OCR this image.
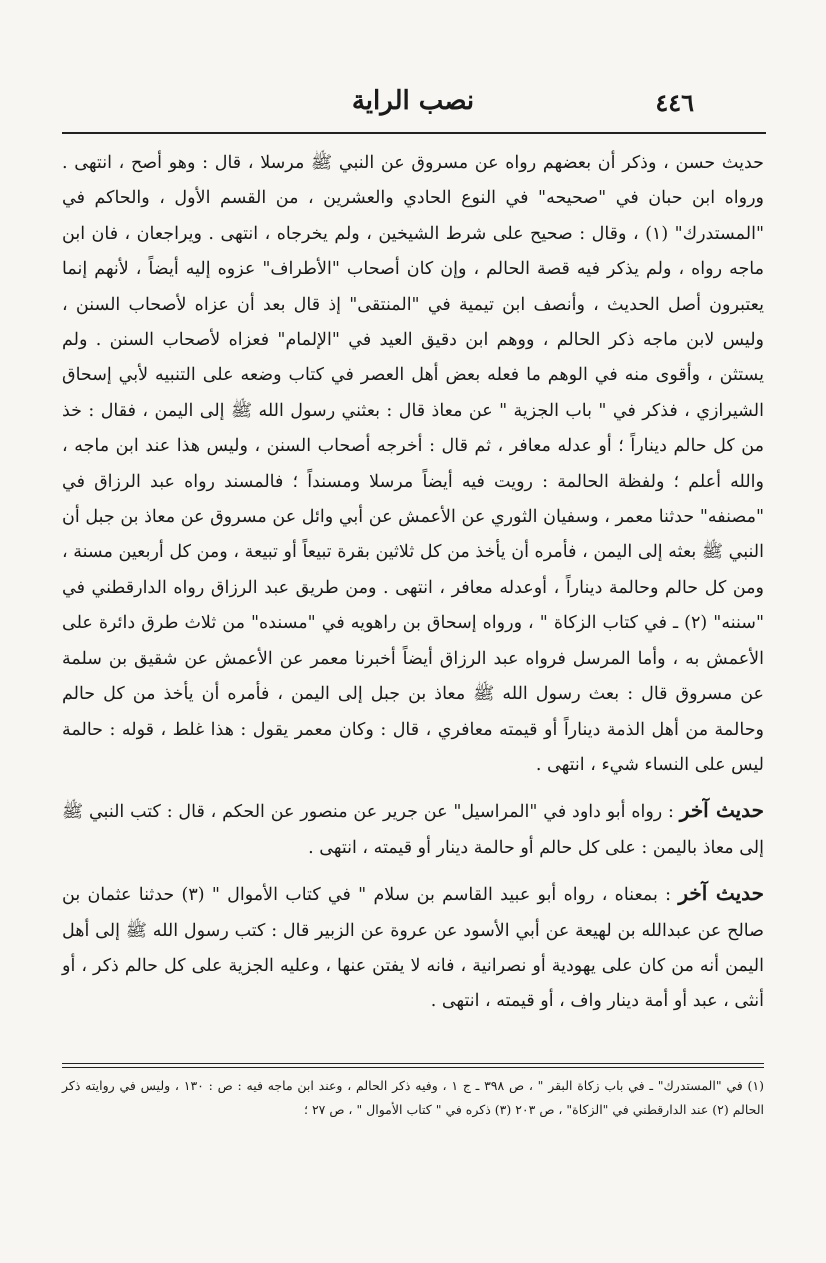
٤٤٦
نصب الراية

حديث حسن ، وذكر أن بعضهم رواه عن مسروق عن النبي ﷺ مرسلا ، قال : وهو أصح ، انتهى . ورواه ابن حبان في "صحيحه" في النوع الحادي والعشرين ، من القسم الأول ، والحاكم في "المستدرك" (١) ، وقال : صحيح على شرط الشيخين ، ولم يخرجاه ، انتهى . ويراجعان ، فان ابن ماجه رواه ، ولم يذكر فيه قصة الحالم ، وإن كان أصحاب "الأطراف" عزوه إليه أيضاً ، لأنهم إنما يعتبرون أصل الحديث ، وأنصف ابن تيمية في "المنتقى" إذ قال بعد أن عزاه لأصحاب السنن ، وليس لابن ماجه ذكر الحالم ، ووهم ابن دقيق العيد في "الإلمام" فعزاه لأصحاب السنن . ولم يستثن ، وأقوى منه في الوهم ما فعله بعض أهل العصر في كتاب وضعه على التنبيه لأبي إسحاق الشيرازي ، فذكر في " باب الجزية " عن معاذ قال : بعثني رسول الله ﷺ إلى اليمن ، فقال : خذ من كل حالم ديناراً ؛ أو عدله معافر ، ثم قال : أخرجه أصحاب السنن ، وليس هذا عند ابن ماجه ، والله أعلم ؛ ولفظة الحالمة : رويت فيه أيضاً مرسلا ومسنداً ؛ فالمسند رواه عبد الرزاق في "مصنفه" حدثنا معمر ، وسفيان الثوري عن الأعمش عن أبي وائل عن مسروق عن معاذ بن جبل أن النبي ﷺ بعثه إلى اليمن ، فأمره أن يأخذ من كل ثلاثين بقرة تبيعاً أو تبيعة ، ومن كل أربعين مسنة ، ومن كل حالم وحالمة ديناراً ، أوعدله معافر ، انتهى . ومن طريق عبد الرزاق رواه الدارقطني في "سننه" (٢) ـ في كتاب الزكاة " ، ورواه إسحاق بن راهويه في "مسنده" من ثلاث طرق دائرة على الأعمش به ، وأما المرسل فرواه عبد الرزاق أيضاً أخبرنا معمر عن الأعمش عن شقيق بن سلمة عن مسروق قال : بعث رسول الله ﷺ معاذ بن جبل إلى اليمن ، فأمره أن يأخذ من كل حالم وحالمة من أهل الذمة ديناراً أو قيمته معافري ، قال : وكان معمر يقول : هذا غلط ، قوله : حالمة ليس على النساء شيء ، انتهى .

حديث آخر : رواه أبو داود في "المراسيل" عن جرير عن منصور عن الحكم ، قال : كتب النبي ﷺ إلى معاذ باليمن : على كل حالم أو حالمة دينار أو قيمته ، انتهى .

حديث آخر : بمعناه ، رواه أبو عبيد القاسم بن سلام " في كتاب الأموال " (٣) حدثنا عثمان بن صالح عن عبدالله بن لهيعة عن أبي الأسود عن عروة عن الزبير قال : كتب رسول الله ﷺ إلى أهل اليمن أنه من كان على يهودية أو نصرانية ، فانه لا يفتن عنها ، وعليه الجزية على كل حالم ذكر ، أو أنثى ، عبد أو أمة دينار واف ، أو قيمته ، انتهى .

(١) في "المستدرك" ـ في باب زكاة البقر " ، ص ٣٩٨ ـ ج ١ ، وفيه ذكر الحالم ، وعند ابن ماجه فيه : ص : ١٣٠ ، وليس في روايته ذكر الحالم (٢) عند الدارقطني في "الزكاة" ، ص ٢٠٣ (٣) ذكره في " كتاب الأموال " ، ص ٢٧ ؛
